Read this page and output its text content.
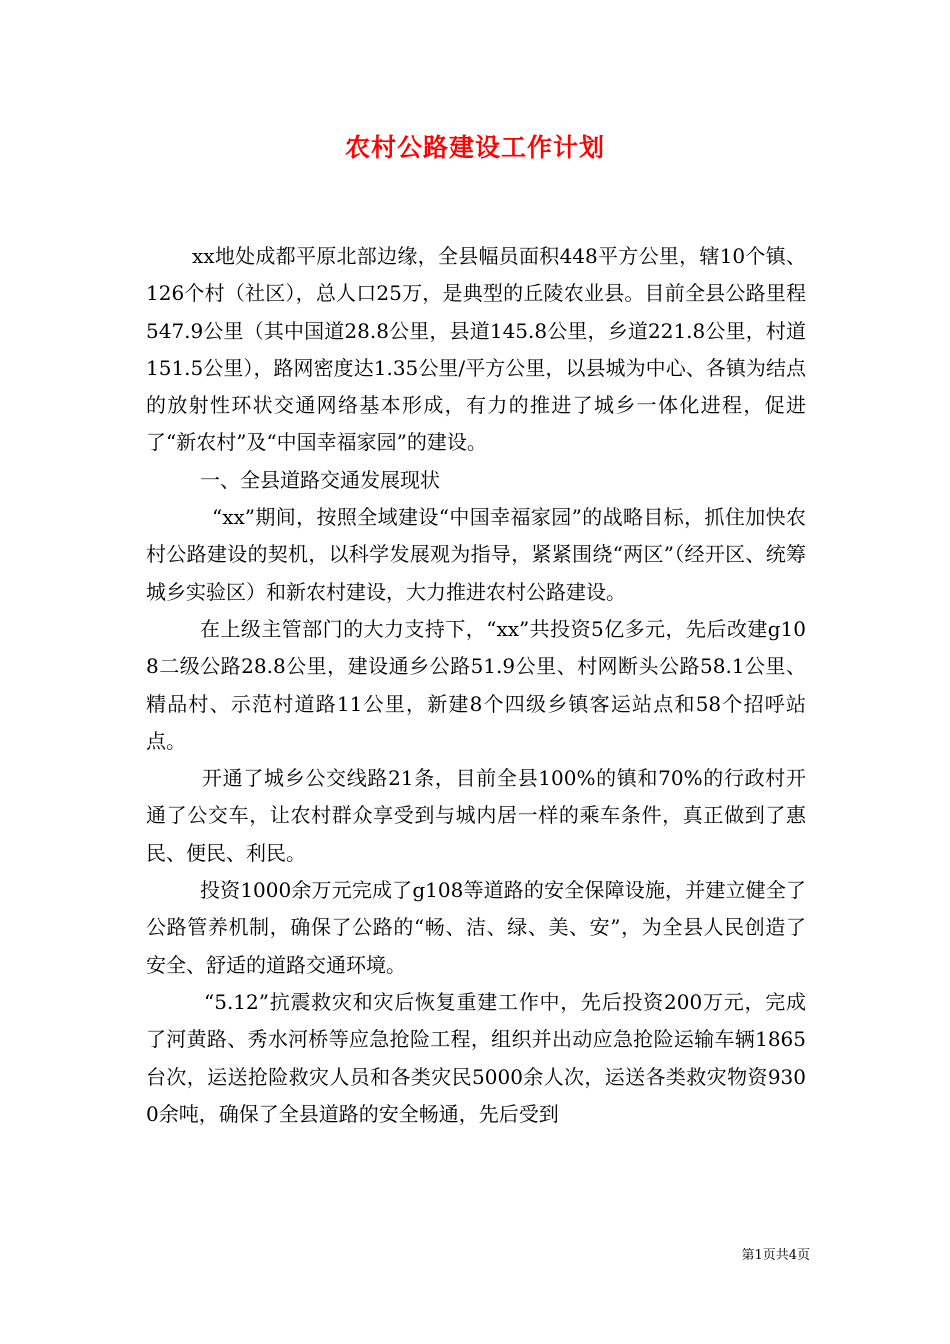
农村公路建设工作计划

xx地处成都平原北部边缘，全县幅员面积448平方公里，辖10个镇、126个村（社区），总人口25万，是典型的丘陵农业县。目前全县公路里程547.9公里（其中国道28.8公里，县道145.8公里，乡道221.8公里，村道151.5公里），路网密度达1.35公里/平方公里，以县城为中心、各镇为结点的放射性环状交通网络基本形成，有力的推进了城乡一体化进程，促进了“新农村”及“中国幸福家园”的建设。

一、全县道路交通发展现状

“xx”期间，按照全域建设“中国幸福家园”的战略目标，抓住加快农村公路建设的契机，以科学发展观为指导，紧紧围绕“两区”（经开区、统筹城乡实验区）和新农村建设，大力推进农村公路建设。

在上级主管部门的大力支持下，“xx”共投资5亿多元，先后改建g108二级公路28.8公里，建设通乡公路51.9公里、村网断头公路58.1公里、精品村、示范村道路11公里，新建8个四级乡镇客运站点和58个招呼站点。

开通了城乡公交线路21条，目前全县100%的镇和70%的行政村开通了公交车，让农村群众享受到与城内居一样的乘车条件，真正做到了惠民、便民、利民。

投资1000余万元完成了g108等道路的安全保障设施，并建立健全了公路管养机制，确保了公路的“畅、洁、绿、美、安”，为全县人民创造了安全、舒适的道路交通环境。

“5.12”抗震救灾和灾后恢复重建工作中，先后投资200万元，完成了河黄路、秀水河桥等应急抢险工程，组织并出动应急抢险运输车辆1865台次，运送抢险救灾人员和各类灾民5000余人次，运送各类救灾物资9300余吨，确保了全县道路的安全畅通，先后受到

第1页共4页
